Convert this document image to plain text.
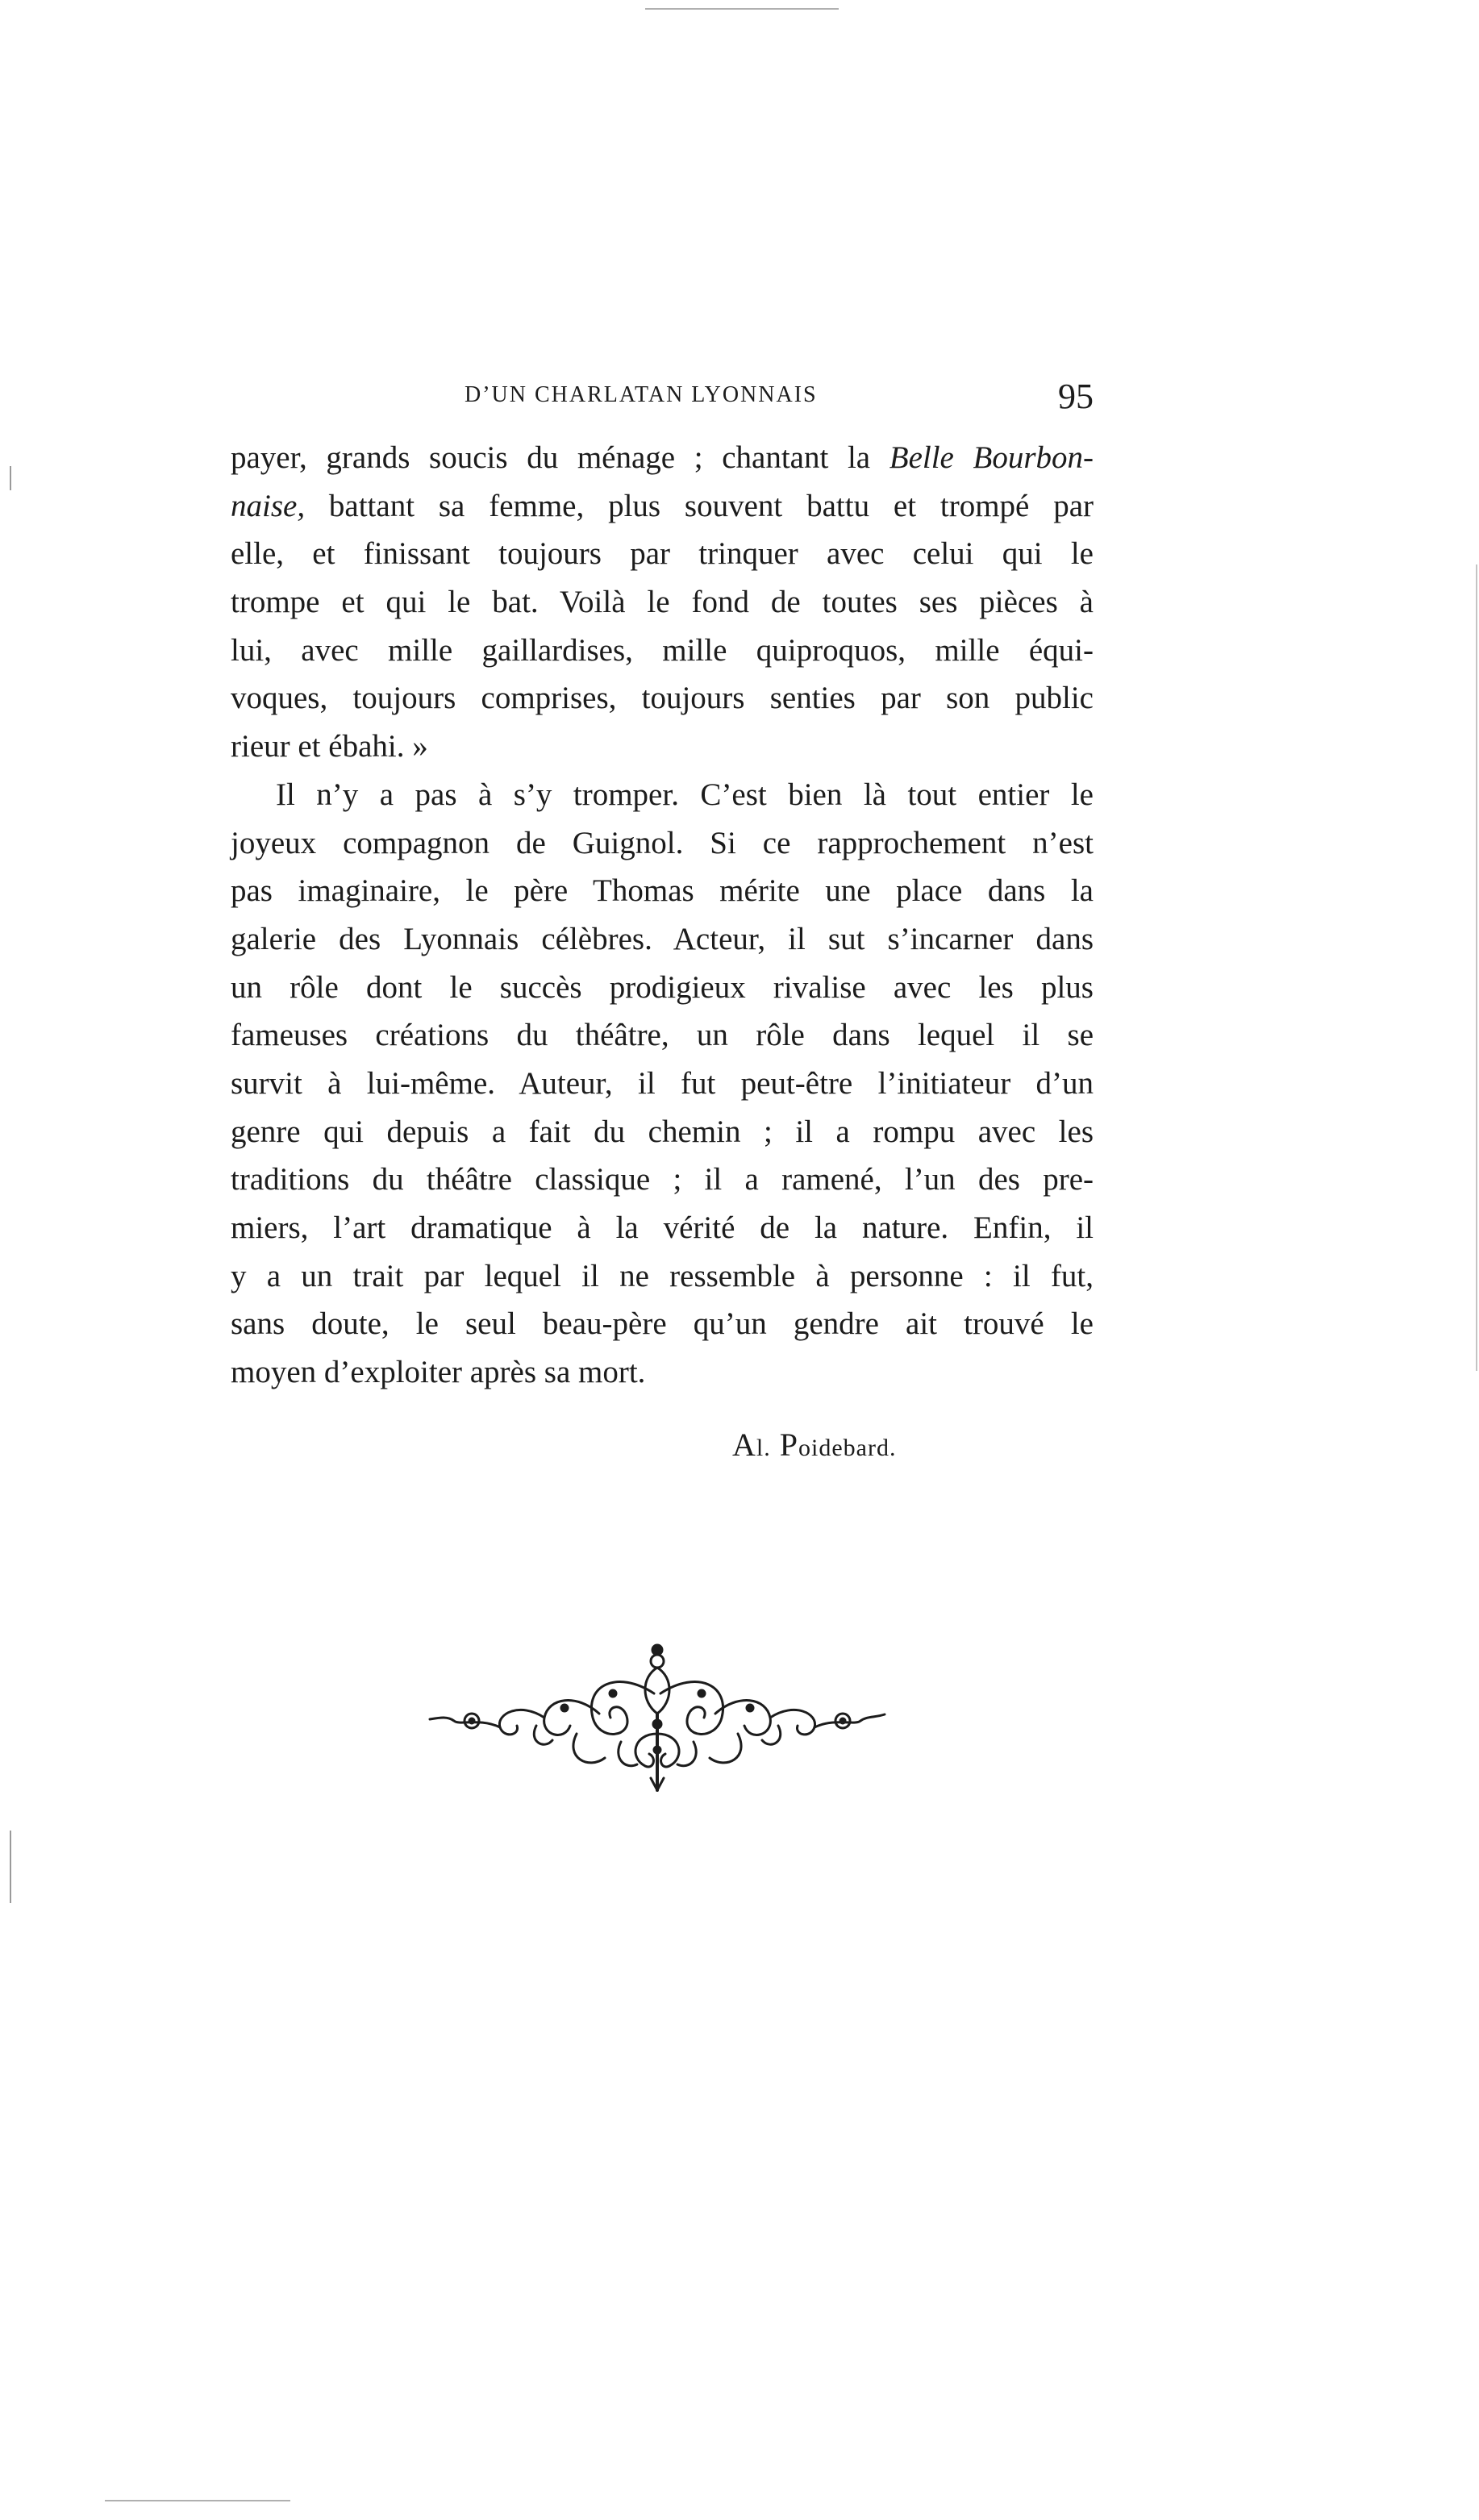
D’UN CHARLATAN LYONNAIS	95
payer, grands soucis du ménage ; chantant la Belle Bourbon-
naise, battant sa femme, plus souvent battu et trompé par
elle, et finissant toujours par trinquer avec celui qui le
trompe et qui le bat. Voilà le fond de toutes ses pièces à
lui, avec mille gaillardises, mille quiproquos, mille équi-
voques, toujours comprises, toujours senties par son public
rieur et ébahi. »
Il n’y a pas à s’y tromper. C’est bien là tout entier le
joyeux compagnon de Guignol. Si ce rapprochement n’est
pas imaginaire, le père Thomas mérite une place dans la
galerie des Lyonnais célèbres. Acteur, il sut s’incarner dans
un rôle dont le succès prodigieux rivalise avec les plus
fameuses créations du théâtre, un rôle dans lequel il se
survit à lui-même. Auteur, il fut peut-être l’initiateur d’un
genre qui depuis a fait du chemin ; il a rompu avec les
traditions du théâtre classique ; il a ramené, l’un des pre-
miers, l’art dramatique à la vérité de la nature. Enfin, il
y a un trait par lequel il ne ressemble à personne : il fut,
sans doute, le seul beau-père qu’un gendre ait trouvé le
moyen d’exploiter après sa mort.
Al. Poidebard.
